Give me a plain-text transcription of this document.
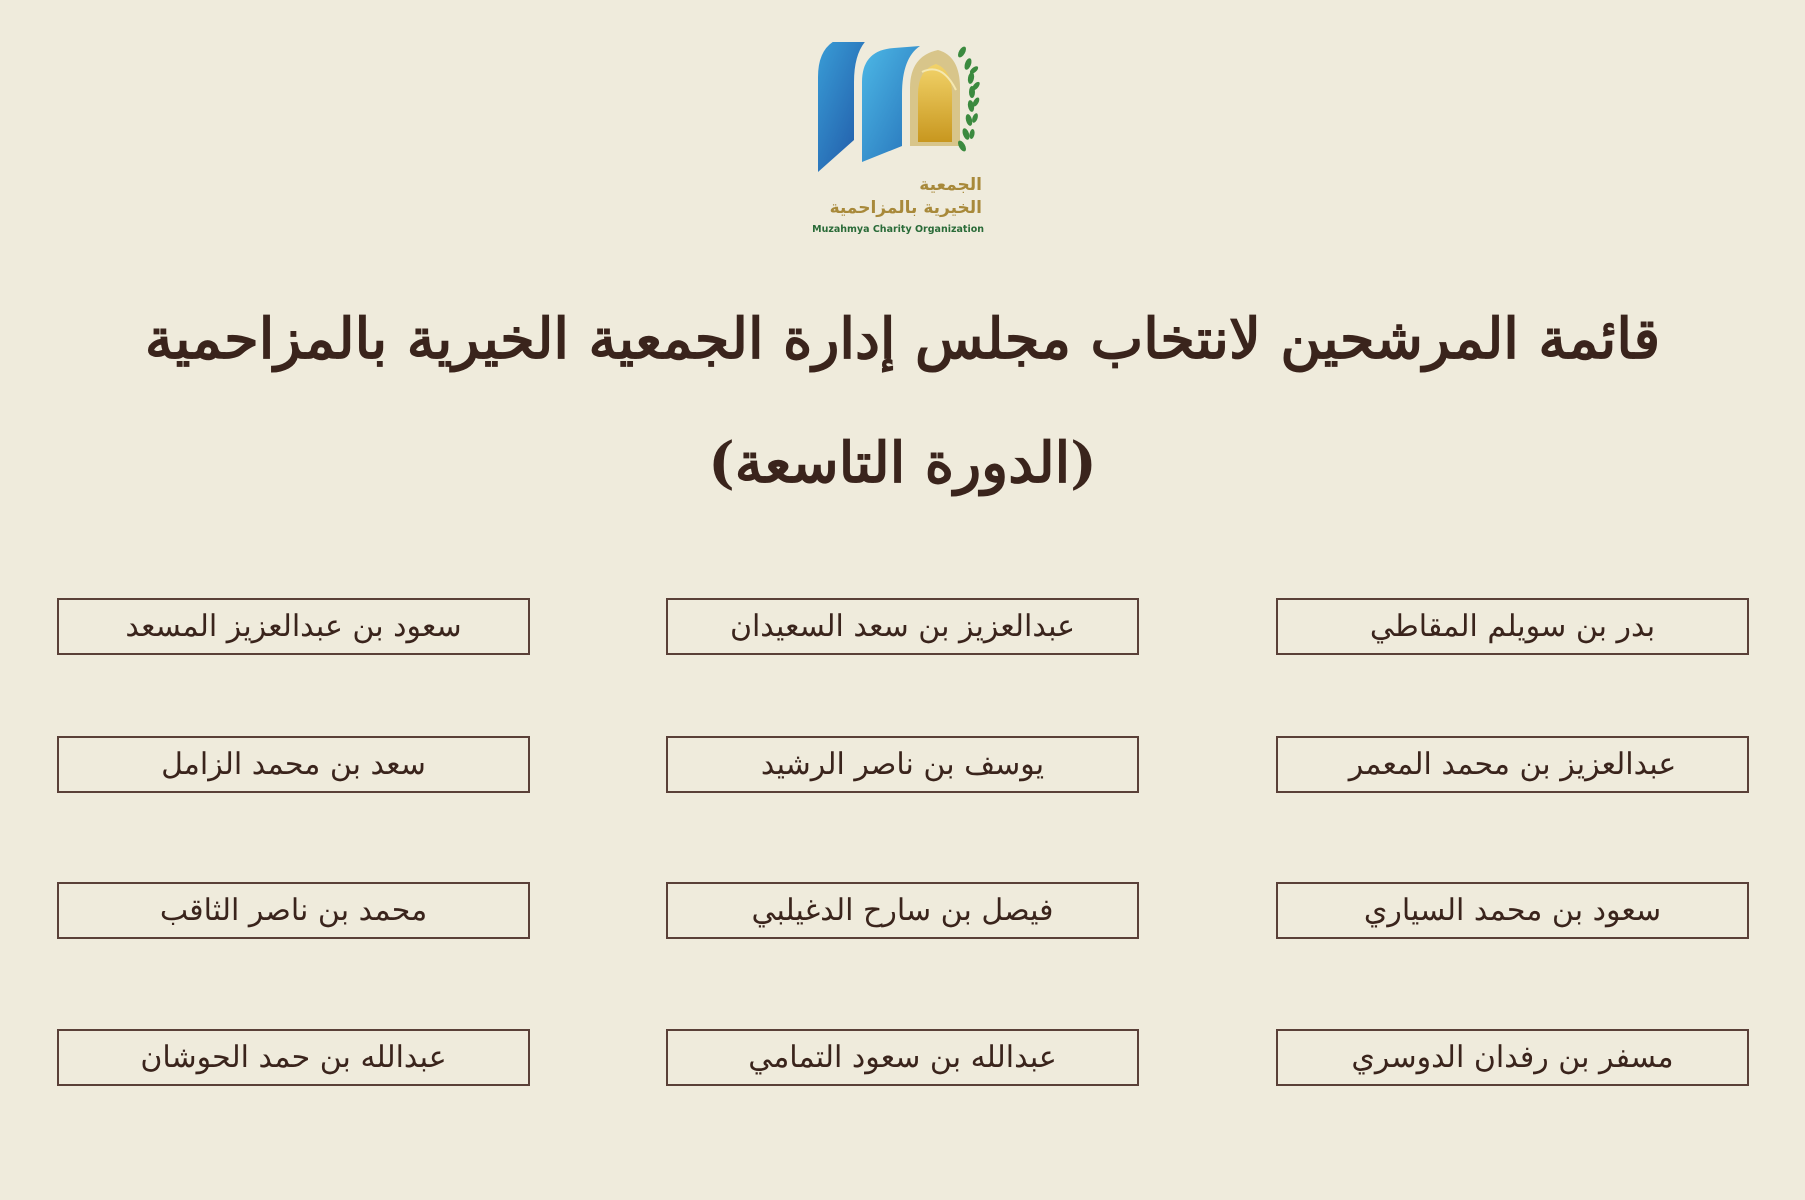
الجمعية
الخيرية بالمزاحمية
Muzahmya Charity Organization
قائمة المرشحين لانتخاب مجلس إدارة الجمعية الخيرية بالمزاحمية
(الدورة التاسعة)
بدر بن سويلم المقاطي
عبدالعزيز بن سعد السعيدان
سعود بن عبدالعزيز المسعد
عبدالعزيز بن محمد المعمر
يوسف بن ناصر الرشيد
سعد بن محمد الزامل
سعود بن محمد السياري
فيصل بن سارح الدغيلبي
محمد بن ناصر الثاقب
مسفر بن رفدان الدوسري
عبدالله بن سعود التمامي
عبدالله بن حمد الحوشان
